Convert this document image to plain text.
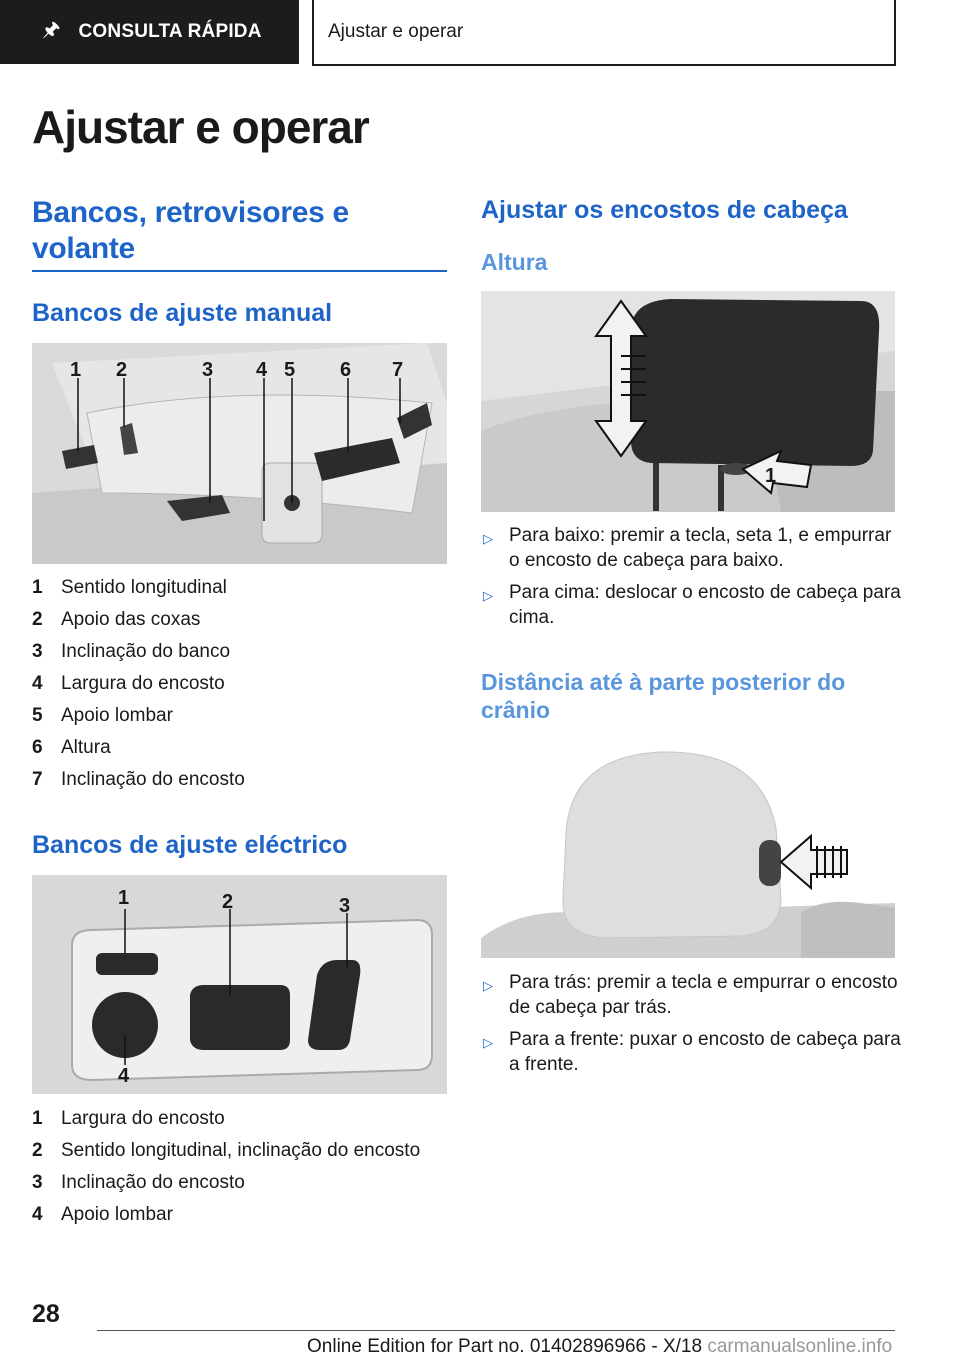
🖈 CONSULTA RÁPIDA	Ajustar e operar
Ajustar e operar
Bancos, retrovisores e volante
Bancos de ajuste manual
1 2	3 4 5 6 7
1 Sentido longitudinal
2 Apoio das coxas
3 Inclinação do banco
4 Largura do encosto
5 Apoio lombar
6 Altura
7 Inclinação do encosto
Bancos de ajuste eléctrico
1	2	3
4
1 Largura do encosto
2 Sentido longitudinal, inclinação do encosto
3 Inclinação do encosto
4 Apoio lombar
Ajustar os encostos de cabeça
Altura
1
▷ Para baixo: premir a tecla, seta 1, e empurrar o encosto de cabeça para baixo.
▷ Para cima: deslocar o encosto de cabeça para cima.
Distância até à parte posterior do crânio
▷ Para trás: premir a tecla e empurrar o encosto de cabeça par trás.
▷ Para a frente: puxar o encosto de cabeça para a frente.
28
Online Edition for Part no. 01402896966 - X/18 carmanualsonline.info
